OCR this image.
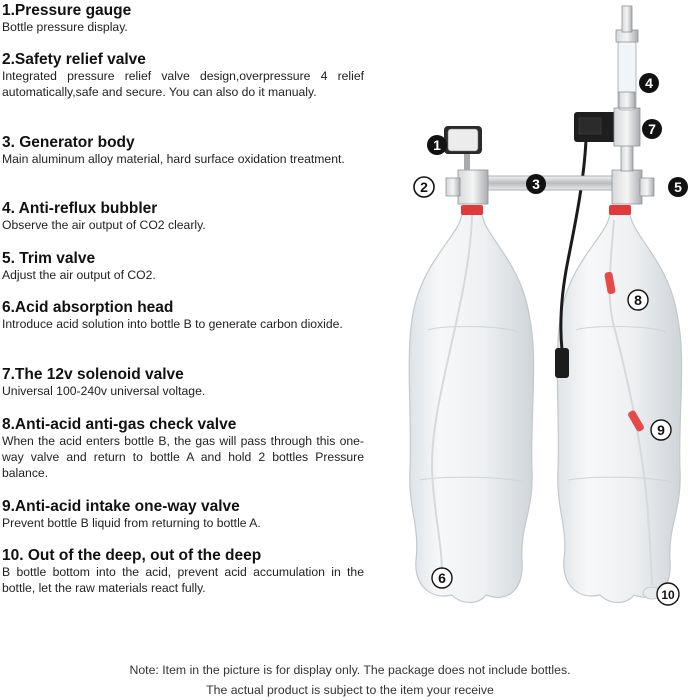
1.Pressure gauge

Bottle pressure display.

2.Safety relief valve

Integrated pressure relief valve design,overpressure 4 relief automatically,safe and secure. You can also do it manualy.

3. Generator body

Main aluminum alloy material, hard surface oxidation treatment.

4. Anti-reflux bubbler

Observe the air output of CO2 clearly.

5. Trim valve

Adjust the air output of CO2.

6.Acid absorption head

Introduce acid solution into bottle B to generate carbon dioxide.

7.The 12v solenoid valve

Universal 100-240v universal voltage.

8.Anti-acid anti-gas check valve

When the acid enters bottle B, the gas will pass through this one-way valve and return to bottle A and hold 2 bottles Pressure balance.

9.Anti-acid intake one-way valve

Prevent bottle B liquid from returning to bottle A.

10. Out of the deep, out of the deep

B bottle bottom into the acid, prevent acid accumulation in the bottle, let the raw materials react fully.

1
2	3
4
5
6
7
8
9
10
Note: Item in the picture is for display only. The package does not include bottles.
The actual product is subject to the item your receive
